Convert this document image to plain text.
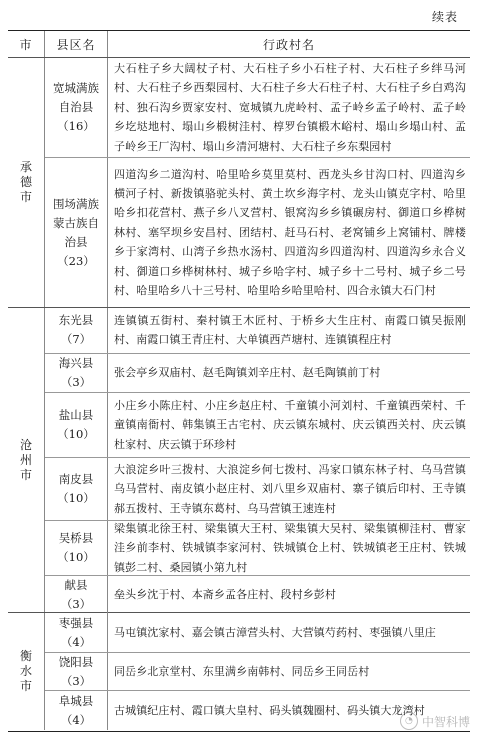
续表
市	县区名	行政村名
承德市
宽城满族自治县
（16）
大石柱子乡大阔杖子村、大石柱子乡小石柱子村、大石柱子乡绊马河村、大石柱子乡西梨园村、大石柱子乡大石柱子村、大石柱子乡白鸡沟村、独石沟乡贾家安村、宽城镇九虎岭村、孟子岭乡孟子岭村、孟子岭乡圪垯地村、塌山乡椴树洼村、椁罗台镇椴木峪村、塌山乡塌山村、孟子岭乡王厂沟村、塌山乡清河塘村、大石柱子乡东梨园村
围场满族蒙古族自治县
（23）
四道沟乡二道沟村、哈里哈乡莫里莫村、西龙头乡甘沟口村、四道沟乡横河子村、新拨镇骆驼头村、黄土坎乡海字村、龙头山镇克字村、哈里哈乡扣花营村、燕子乡八叉营村、银窝沟乡乡镇碾房村、御道口乡桦树林村、塞罕坝乡安昌村、团结村、赶马石村、老窝铺乡上窝铺村、牌楼乡于家湾村、山湾子乡热水汤村、四道沟乡四道沟村、四道沟乡永合义村、御道口乡桦树林村、城子乡哈字村、城子乡十二号村、城子乡二号村、哈里哈乡八十三号村、哈里哈乡哈里哈村、四合永镇大石门村
沧州市
东光县
（7）
连镇镇五街村、秦村镇王木匠村、于桥乡大生庄村、南霞口镇吴振刚村、南霞口镇王青庄村、大单镇西芦塘村、连镇镇程庄村
海兴县
（3）
张会亭乡双庙村、赵毛陶镇刘辛庄村、赵毛陶镇前丁村
盐山县
（10）
小庄乡小陈庄村、小庄乡赵庄村、千童镇小河刘村、千童镇西荣村、千童镇南衙村、韩集镇王古宅村、庆云镇东城村、庆云镇西关村、庆云镇杜家村、庆云镇于环珍村
南皮县
（10）
大浪淀乡叶三拨村、大浪淀乡何七拨村、冯家口镇东林子村、乌马营镇乌马营村、南皮镇小赵庄村、刘八里乡双庙村、寨子镇后印村、王寺镇郝五拨村、王寺镇东葛村、乌马营镇王速连村
吴桥县
（10）
梁集镇北徐王村、梁集镇大王村、梁集镇大吴村、梁集镇柳洼村、曹家洼乡前李村、铁城镇李家河村、铁城镇仓上村、铁城镇老王庄村、铁城镇彭二村、桑园镇小第九村
献县
（3）
垒头乡沈于村、本斋乡孟各庄村、段村乡彭村
衡水市
枣强县
（4）
马屯镇沈家村、嘉会镇古漳营头村、大营镇芍药村、枣强镇八里庄
饶阳县
（3）
同岳乡北京堂村、东里满乡南韩村、同岳乡王同岳村
阜城县
（4）
古城镇纪庄村、霞口镇大皇村、码头镇魏圈村、码头镇大龙湾村
◔ 中智科博
